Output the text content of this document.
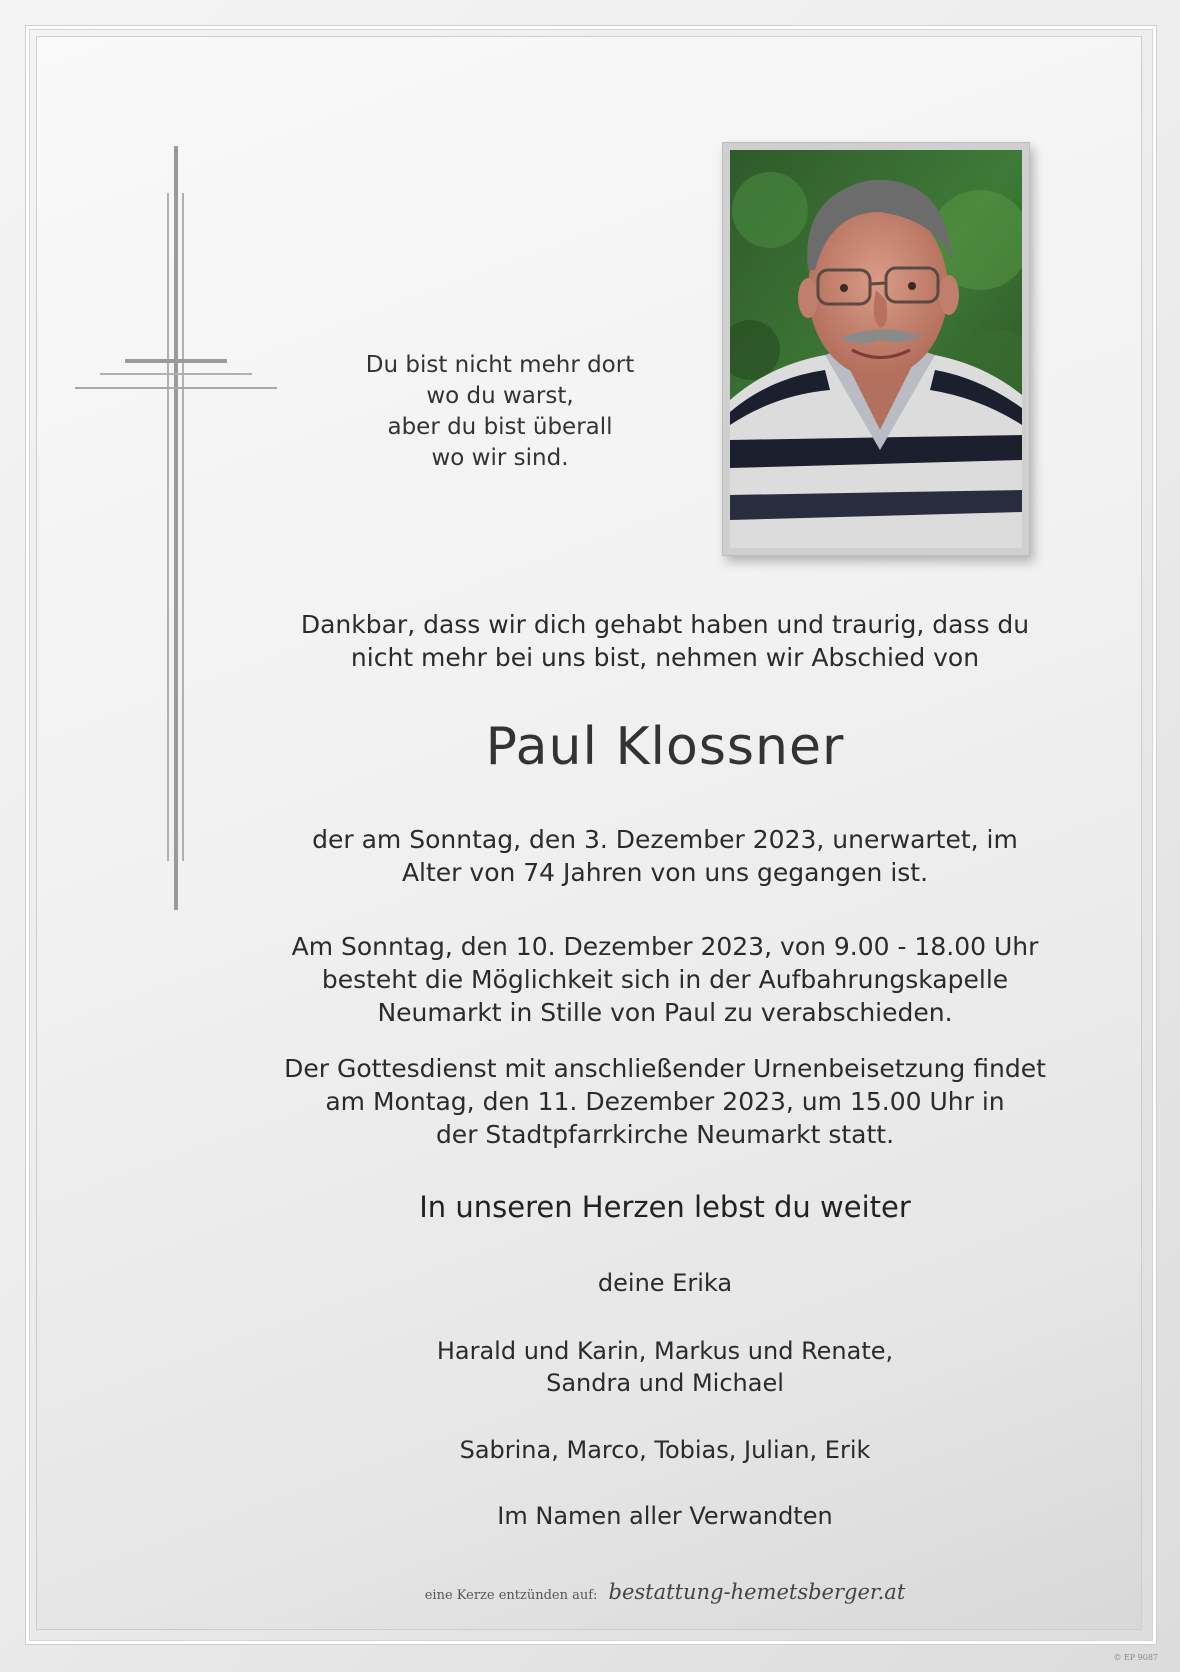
Du bist nicht mehr dort
wo du warst,
aber du bist überall
wo wir sind.
Dankbar, dass wir dich gehabt haben und traurig, dass du
nicht mehr bei uns bist, nehmen wir Abschied von
Paul Klossner
der am Sonntag, den 3. Dezember 2023, unerwartet, im
Alter von 74 Jahren von uns gegangen ist.
Am Sonntag, den 10. Dezember 2023, von 9.00 - 18.00 Uhr
besteht die Möglichkeit sich in der Aufbahrungskapelle
Neumarkt in Stille von Paul zu verabschieden.
Der Gottesdienst mit anschließender Urnenbeisetzung findet
am Montag, den 11. Dezember 2023, um 15.00 Uhr in
der Stadtpfarrkirche Neumarkt statt.
In unseren Herzen lebst du weiter
deine Erika
Harald und Karin, Markus und Renate,
Sandra und Michael
Sabrina, Marco, Tobias, Julian, Erik
Im Namen aller Verwandten
eine Kerze entzünden auf: bestattung-hemetsberger.at
© EP 9087
